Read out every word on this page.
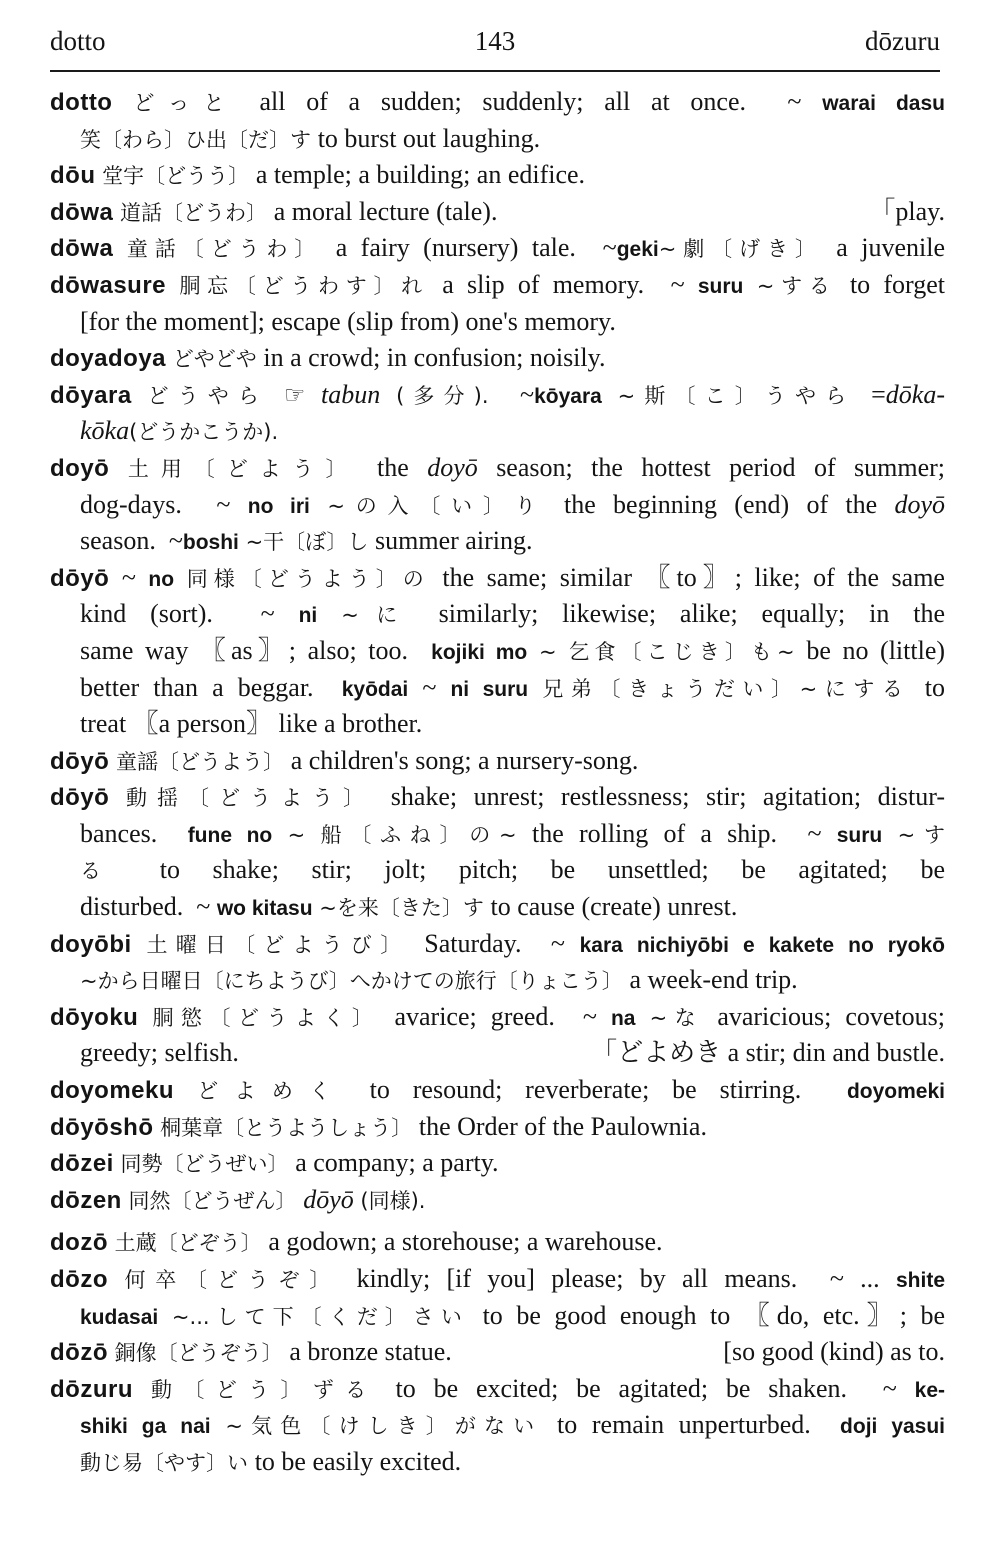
dotto	143	dōzuru
dotto どっと all of a sudden; suddenly; all at once.  ~ warai dasu
笑〔わら〕ひ出〔だ〕す to burst out laughing.
dōu 堂宇〔どうう〕 a temple; a building; an edifice.
dōwa 道話〔どうわ〕 a moral lecture (tale).	「play.
dōwa 童話〔どうわ〕 a fairy (nursery) tale.  ~geki~劇〔げき〕 a juvenile
dōwasure 胴忘〔どうわす〕れ a slip of memory.  ~ suru ~する to forget
[for the moment]; escape (slip from) one's memory.
doyadoya どやどや in a crowd; in confusion; noisily.
dōyara どうやら ☞ tabun (多分).  ~kōyara ~斯〔こ〕うやら =dōka-
kōka(どうかこうか).
doyō 土用〔どよう〕 the doyō season; the hottest period of summer;
dog-days.  ~ no iri ~の入〔い〕り the beginning (end) of the doyō
season.  ~boshi ~干〔ぼ〕し summer airing.
dōyō ~ no 同様〔どうよう〕の the same; similar 〖to〗; like; of the same
kind (sort).  ~ ni ~に similarly; likewise; alike; equally; in the
same way 〖as〗; also; too.  kojiki mo ~ 乞食〔こじき〕も~ be no (little)
better than a beggar.  kyōdai ~ ni suru 兄弟〔きょうだい〕~にする to
treat 〖a person〗 like a brother.
dōyō 童謡〔どうよう〕 a children's song; a nursery-song.
dōyō 動揺〔どうよう〕 shake; unrest; restlessness; stir; agitation; distur-
bances.  fune no ~ 船〔ふね〕の~ the rolling of a ship.  ~ suru ~す
る to shake; stir; jolt; pitch; be unsettled; be agitated; be
disturbed.  ~ wo kitasu ~を来〔きた〕す to cause (create) unrest.
doyōbi 土曜日〔どようび〕 Saturday.  ~ kara nichiyōbi e kakete no ryokō
~から日曜日〔にちようび〕へかけての旅行〔りょこう〕 a week-end trip.
dōyoku 胴慾〔どうよく〕 avarice; greed.  ~ na ~な avaricious; covetous;
greedy; selfish.	「どよめき a stir; din and bustle.
doyomeku どよめく to resound; reverberate; be stirring.  doyomeki
dōyōshō 桐葉章〔とうようしょう〕 the Order of the Paulownia.
dōzei 同勢〔どうぜい〕 a company; a party.
dōzen 同然〔どうぜん〕 dōyō (同様).
dozō 土蔵〔どぞう〕 a godown; a storehouse; a warehouse.
dōzo 何卒〔どうぞ〕 kindly; [if you] please; by all means.  ~ ... shite
kudasai ~...して下〔くだ〕さい to be good enough to 〖do, etc.〗; be
dōzō 銅像〔どうぞう〕 a bronze statue.	[so good (kind) as to.
dōzuru 動〔どう〕ずる to be excited; be agitated; be shaken.  ~ ke-
shiki ga nai ~気色〔けしき〕がない to remain unperturbed.  doji yasui
動じ易〔やす〕い to be easily excited.
